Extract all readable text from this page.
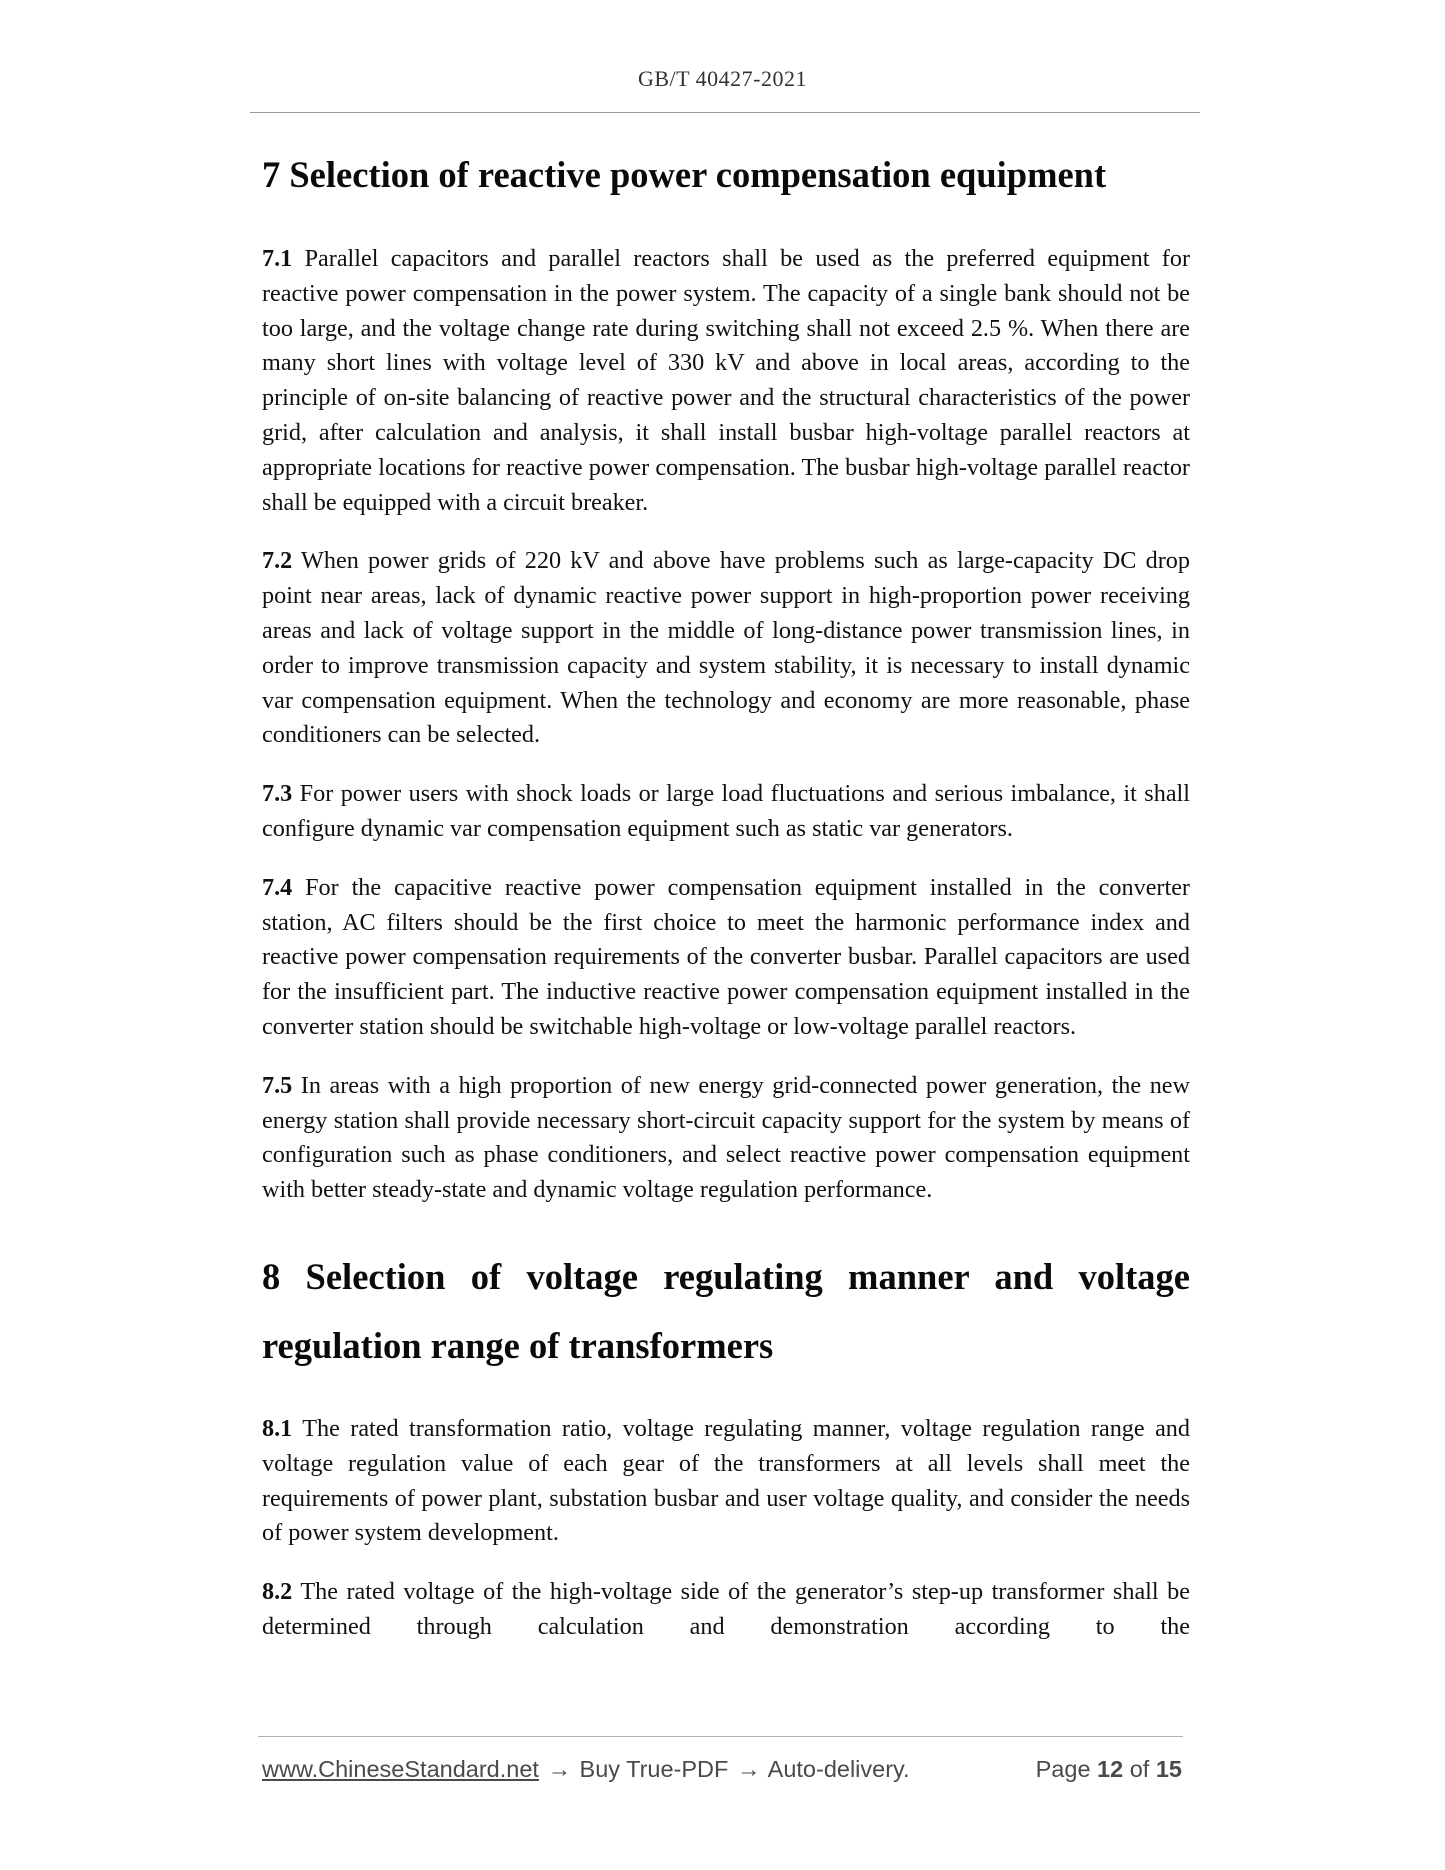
GB/T 40427-2021
7 Selection of reactive power compensation equipment

7.1 Parallel capacitors and parallel reactors shall be used as the preferred equipment for reactive power compensation in the power system. The capacity of a single bank should not be too large, and the voltage change rate during switching shall not exceed 2.5 %. When there are many short lines with voltage level of 330 kV and above in local areas, according to the principle of on-site balancing of reactive power and the structural characteristics of the power grid, after calculation and analysis, it shall install busbar high-voltage parallel reactors at appropriate locations for reactive power compensation. The busbar high-voltage parallel reactor shall be equipped with a circuit breaker.

7.2 When power grids of 220 kV and above have problems such as large-capacity DC drop point near areas, lack of dynamic reactive power support in high-proportion power receiving areas and lack of voltage support in the middle of long-distance power transmission lines, in order to improve transmission capacity and system stability, it is necessary to install dynamic var compensation equipment. When the technology and economy are more reasonable, phase conditioners can be selected.

7.3 For power users with shock loads or large load fluctuations and serious imbalance, it shall configure dynamic var compensation equipment such as static var generators.

7.4 For the capacitive reactive power compensation equipment installed in the converter station, AC filters should be the first choice to meet the harmonic performance index and reactive power compensation requirements of the converter busbar. Parallel capacitors are used for the insufficient part. The inductive reactive power compensation equipment installed in the converter station should be switchable high-voltage or low-voltage parallel reactors.

7.5 In areas with a high proportion of new energy grid-connected power generation, the new energy station shall provide necessary short-circuit capacity support for the system by means of configuration such as phase conditioners, and select reactive power compensation equipment with better steady-state and dynamic voltage regulation performance.

8 Selection of voltage regulating manner and voltage regulation range of transformers

8.1 The rated transformation ratio, voltage regulating manner, voltage regulation range and voltage regulation value of each gear of the transformers at all levels shall meet the requirements of power plant, substation busbar and user voltage quality, and consider the needs of power system development.

8.2 The rated voltage of the high-voltage side of the generator’s step-up transformer shall be determined through calculation and demonstration according to the

www.ChineseStandard.net → Buy True-PDF → Auto-delivery.	Page 12 of 15
